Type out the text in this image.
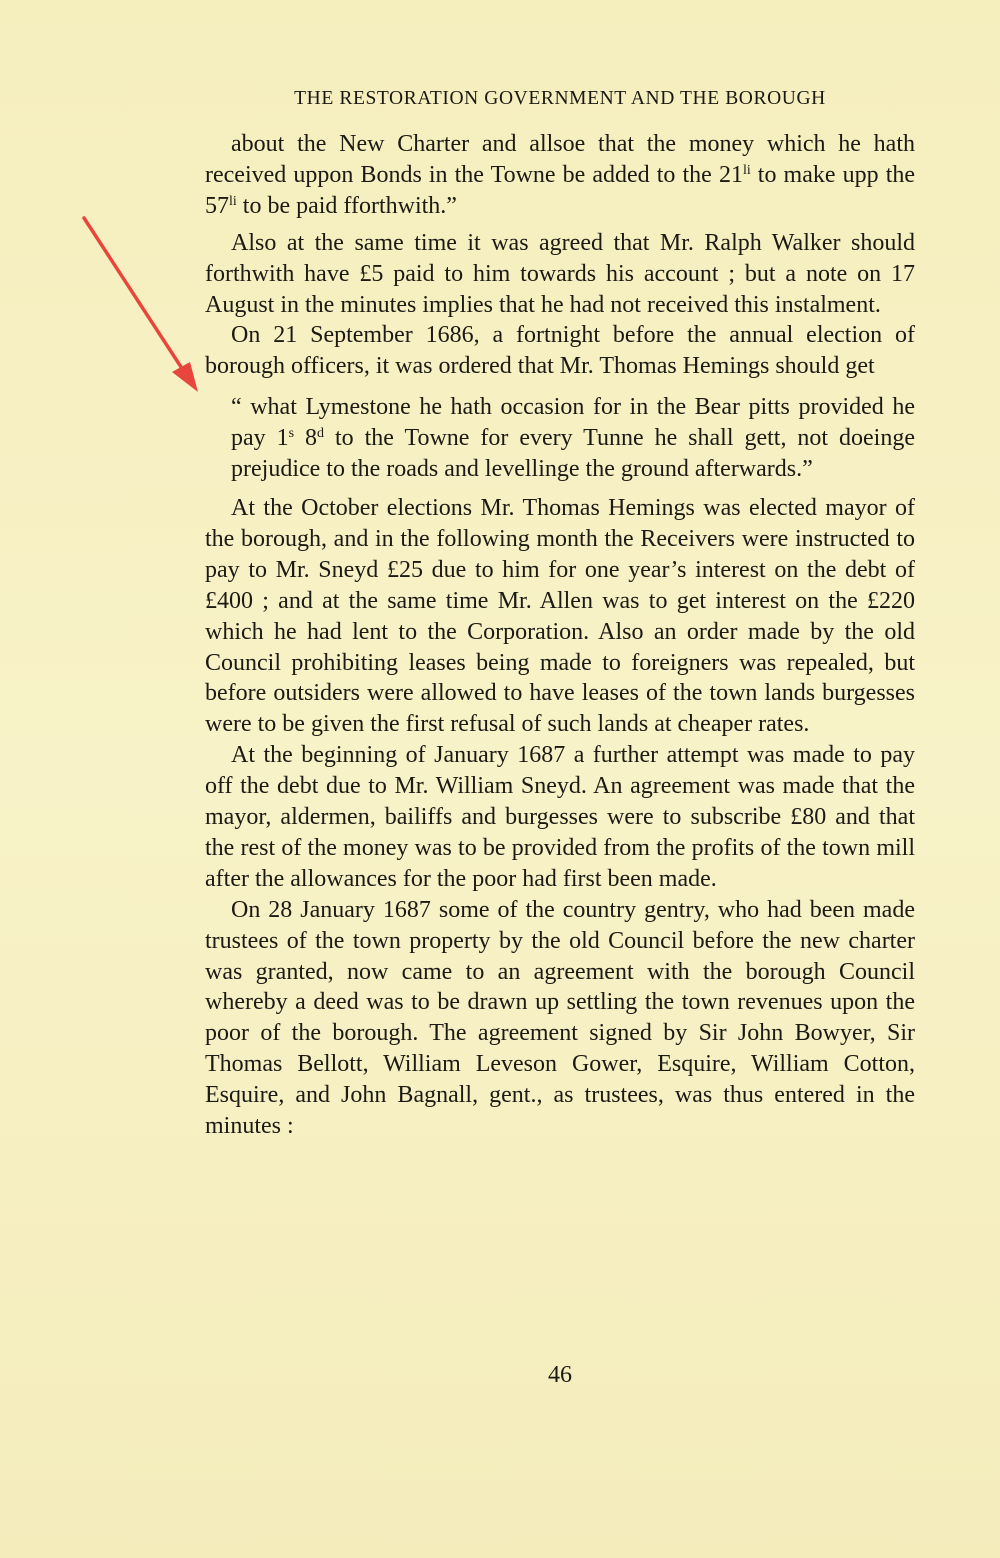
THE RESTORATION GOVERNMENT AND THE BOROUGH

about the New Charter and allsoe that the money which he hath received uppon Bonds in the Towne be added to the $21^{li}$ to make upp the $57^{li}$ to be paid fforthwith.”

Also at the same time it was agreed that Mr. Ralph Walker should forthwith have £5 paid to him towards his account ; but a note on 17 August in the minutes implies that he had not received this instalment.

On 21 September 1686, a fortnight before the annual election of borough officers, it was ordered that Mr. Thomas Hemings should get

“ what Lymestone he hath occasion for in the Bear pitts provided he pay 1$^s$ 8$^d$ to the Towne for every Tunne he shall gett, not doeinge prejudice to the roads and levellinge the ground afterwards.”

At the October elections Mr. Thomas Hemings was elected mayor of the borough, and in the following month the Receivers were instructed to pay to Mr. Sneyd £25 due to him for one year’s interest on the debt of £400 ; and at the same time Mr. Allen was to get interest on the £220 which he had lent to the Corporation. Also an order made by the old Council prohibiting leases being made to foreigners was repealed, but before outsiders were allowed to have leases of the town lands burgesses were to be given the first refusal of such lands at cheaper rates.

At the beginning of January 1687 a further attempt was made to pay off the debt due to Mr. William Sneyd. An agreement was made that the mayor, aldermen, bailiffs and burgesses were to subscribe £80 and that the rest of the money was to be provided from the profits of the town mill after the allowances for the poor had first been made.

On 28 January 1687 some of the country gentry, who had been made trustees of the town property by the old Council before the new charter was granted, now came to an agreement with the borough Council whereby a deed was to be drawn up settling the town revenues upon the poor of the borough. The agreement signed by Sir John Bowyer, Sir Thomas Bellott, William Leveson Gower, Esquire, William Cotton, Esquire, and John Bagnall, gent., as trustees, was thus entered in the minutes :

46
